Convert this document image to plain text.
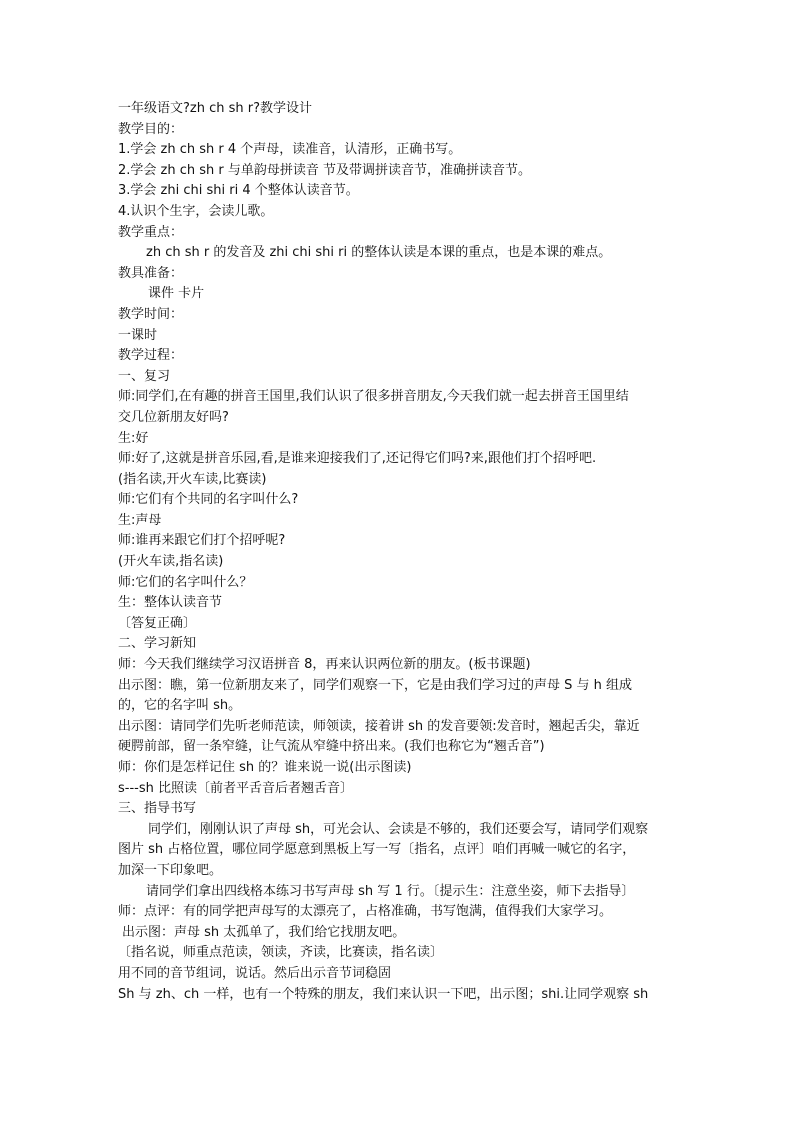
一年级语文?zh ch sh r?教学设计
教学目的：
1.学会 zh ch sh r 4 个声母，读准音，认清形，正确书写。
2.学会 zh ch sh r 与单韵母拼读音 节及带调拼读音节，准确拼读音节。
3.学会 zhi chi shi ri 4 个整体认读音节。
4.认识个生字，会读儿歌。
教学重点：
zh ch sh r 的发音及 zhi chi shi ri 的整体认读是本课的重点，也是本课的难点。
教具准备：
课件 卡片
教学时间：
一课时
教学过程：
一、复习
师:同学们,在有趣的拼音王国里,我们认识了很多拼音朋友,今天我们就一起去拼音王国里结
交几位新朋友好吗?
生:好
师:好了,这就是拼音乐园,看,是谁来迎接我们了,还记得它们吗?来,跟他们打个招呼吧.
(指名读,开火车读,比赛读)
师:它们有个共同的名字叫什么?
生:声母
师:谁再来跟它们打个招呼呢?
(开火车读,指名读)
师:它们的名字叫什么？
生：整体认读音节
〔答复正确〕
二、学习新知
师：今天我们继续学习汉语拼音 8，再来认识两位新的朋友。(板书课题)
出示图：瞧，第一位新朋友来了，同学们观察一下，它是由我们学习过的声母 S 与 h 组成
的，它的名字叫 sh。
出示图：请同学们先听老师范读，师领读，接着讲 sh 的发音要领:发音时，翘起舌尖，靠近
硬腭前部，留一条窄缝，让气流从窄缝中挤出来。(我们也称它为“翘舌音”)
师：你们是怎样记住 sh 的？谁来说一说(出示图读)
s---sh 比照读〔前者平舌音后者翘舌音〕
三、指导书写
同学们，刚刚认识了声母 sh，可光会认、会读是不够的，我们还要会写，请同学们观察
图片 sh 占格位置，哪位同学愿意到黑板上写一写〔指名，点评〕咱们再喊一喊它的名字，
加深一下印象吧。
请同学们拿出四线格本练习书写声母 sh 写 1 行。〔提示生：注意坐姿，师下去指导〕
师：点评：有的同学把声母写的太漂亮了，占格准确，书写饱满，值得我们大家学习。
出示图：声母 sh 太孤单了，我们给它找朋友吧。
〔指名说，师重点范读，领读，齐读，比赛读，指名读〕
用不同的音节组词，说话。然后出示音节词稳固
Sh 与 zh、ch 一样，也有一个特殊的朋友，我们来认识一下吧，出示图；shi.让同学观察 sh
